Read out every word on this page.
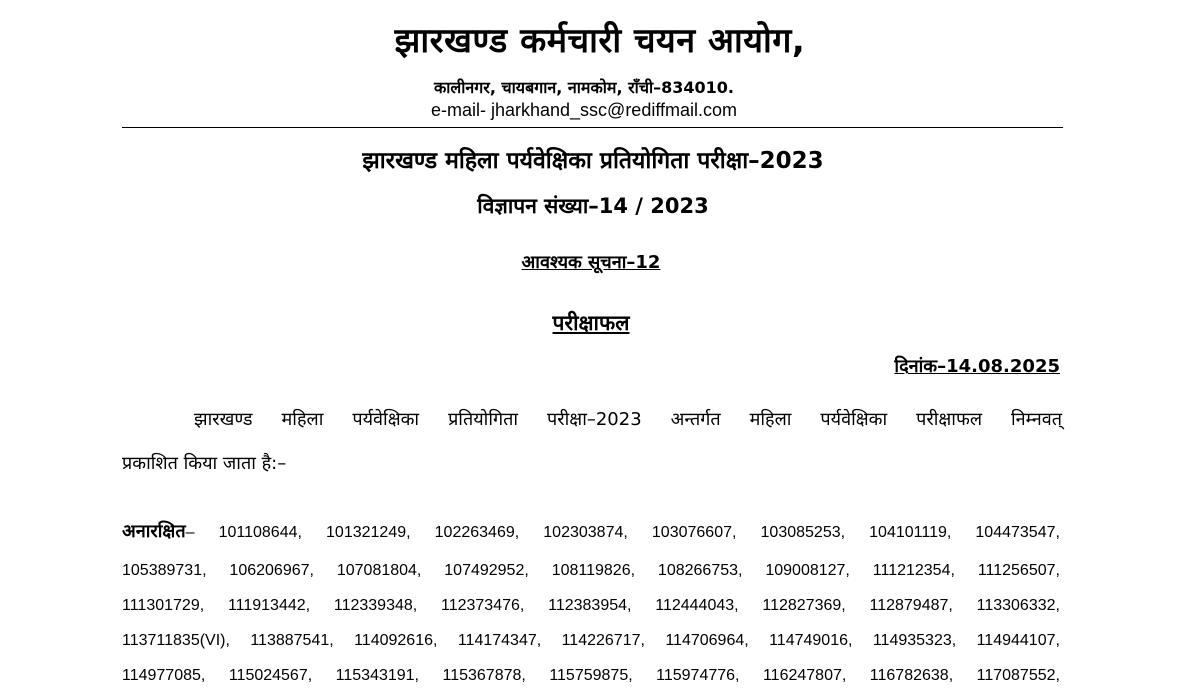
झारखण्ड कर्मचारी चयन आयोग,
कालीनगर, चायबगान, नामकोम, राँची–834010.
e-mail- jharkhand_ssc@rediffmail.com
झारखण्ड महिला पर्यवेक्षिका प्रतियोगिता परीक्षा–2023
विज्ञापन संख्या–14 / 2023
आवश्यक सूचना–12
परीक्षाफल
दिनांक–14.08.2025
झारखण्ड महिला पर्यवेक्षिका प्रतियोगिता परीक्षा–2023 अन्तर्गत महिला पर्यवेक्षिका परीक्षाफल निम्नवत्
प्रकाशित किया जाता है:–
अनारक्षित– 101108644, 101321249, 102263469, 102303874, 103076607, 103085253, 104101119, 104473547,
105389731, 106206967, 107081804, 107492952, 108119826, 108266753, 109008127, 111212354, 111256507,
111301729, 111913442, 112339348, 112373476, 112383954, 112444043, 112827369, 112879487, 113306332,
113711835(VI), 113887541, 114092616, 114174347, 114226717, 114706964, 114749016, 114935323, 114944107,
114977085, 115024567, 115343191, 115367878, 115759875, 115974776, 116247807, 116782638, 117087552,
